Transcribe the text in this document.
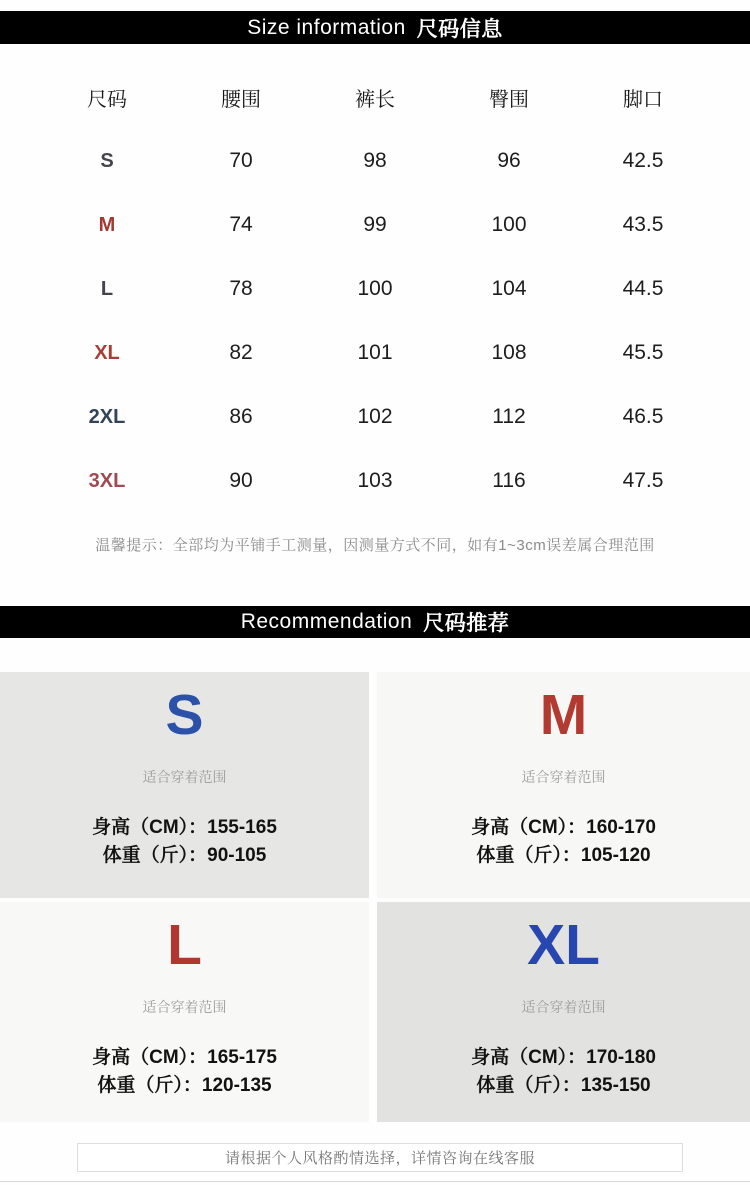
Size information 尺码信息
尺码	腰围	裤长	臀围	脚口
S	70	98	96	42.5
M	74	99	100	43.5
L	78	100	104	44.5
XL	82	101	108	45.5
2XL	86	102	112	46.5
3XL	90	103	116	47.5

温馨提示：全部均为平铺手工测量，因测量方式不同，如有1~3cm误差属合理范围

Recommendation 尺码推荐
S
适合穿着范围
身高（CM）：155-165
体重（斤）：90-105
M
适合穿着范围
身高（CM）：160-170
体重（斤）：105-120
L
适合穿着范围
身高（CM）：165-175
体重（斤）：120-135
XL
适合穿着范围
身高（CM）：170-180
体重（斤）：135-150
请根据个人风格酌情选择，详情咨询在线客服
